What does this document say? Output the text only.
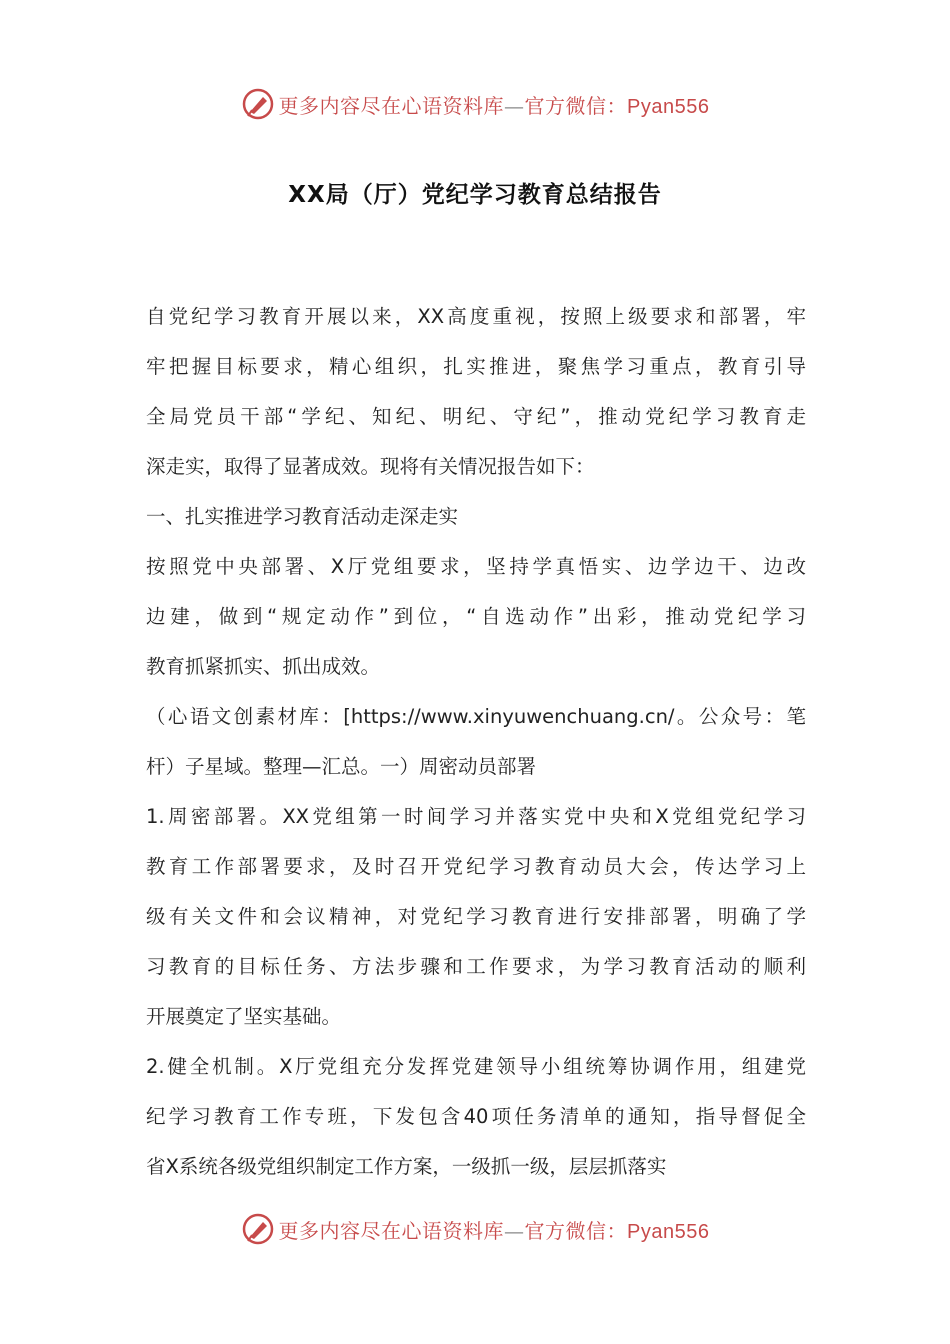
更多内容尽在心语资料库—官方微信：Pyan556
XX局（厅）党纪学习教育总结报告
自党纪学习教育开展以来，XX高度重视，按照上级要求和部署，牢
牢把握目标要求，精心组织，扎实推进，聚焦学习重点，教育引导
全局党员干部“学纪、知纪、明纪、守纪”，推动党纪学习教育走
深走实，取得了显著成效。现将有关情况报告如下：
一、扎实推进学习教育活动走深走实
按照党中央部署、X厅党组要求，坚持学真悟实、边学边干、边改
边建，做到“规定动作”到位，“自选动作”出彩，推动党纪学习
教育抓紧抓实、抓出成效。
（心语文创素材库：[https://www.xinyuwenchuang.cn/。公众号：笔
杆）子星域。整理—汇总。一）周密动员部署
1.周密部署。XX党组第一时间学习并落实党中央和X党组党纪学习
教育工作部署要求，及时召开党纪学习教育动员大会，传达学习上
级有关文件和会议精神，对党纪学习教育进行安排部署，明确了学
习教育的目标任务、方法步骤和工作要求，为学习教育活动的顺利
开展奠定了坚实基础。
2.健全机制。X厅党组充分发挥党建领导小组统筹协调作用，组建党
纪学习教育工作专班，下发包含40项任务清单的通知，指导督促全
省X系统各级党组织制定工作方案，一级抓一级，层层抓落实
更多内容尽在心语资料库—官方微信：Pyan556
